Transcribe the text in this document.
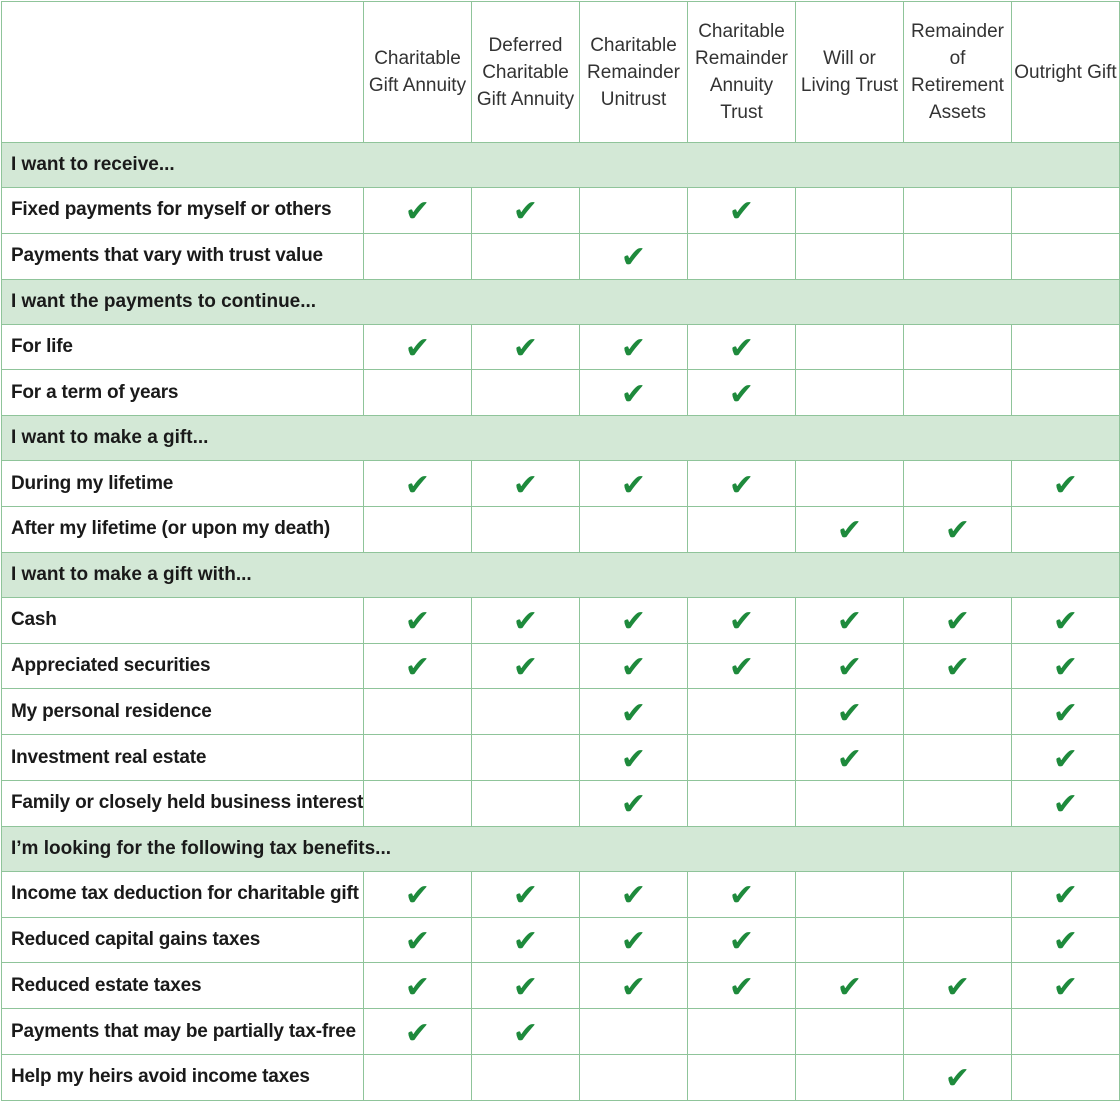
	Charitable Gift Annuity	Deferred Charitable Gift Annuity	Charitable Remainder Unitrust	Charitable Remainder Annuity Trust	Will or Living Trust	Remainder of Retirement Assets	Outright Gift
I want to receive...							
Fixed payments for myself or others	✔	✔		✔			
Payments that vary with trust value			✔				
I want the payments to continue...							
For life	✔	✔	✔	✔			
For a term of years			✔	✔			
I want to make a gift...							
During my lifetime	✔	✔	✔	✔			✔
After my lifetime (or upon my death)					✔	✔	
I want to make a gift with...							
Cash	✔	✔	✔	✔	✔	✔	✔
Appreciated securities	✔	✔	✔	✔	✔	✔	✔
My personal residence			✔		✔		✔
Investment real estate			✔		✔		✔
Family or closely held business interest			✔				✔
I’m looking for the following tax benefits...							
Income tax deduction for charitable gift	✔	✔	✔	✔			✔
Reduced capital gains taxes	✔	✔	✔	✔			✔
Reduced estate taxes	✔	✔	✔	✔	✔	✔	✔
Payments that may be partially tax-free	✔	✔					
Help my heirs avoid income taxes						✔	
